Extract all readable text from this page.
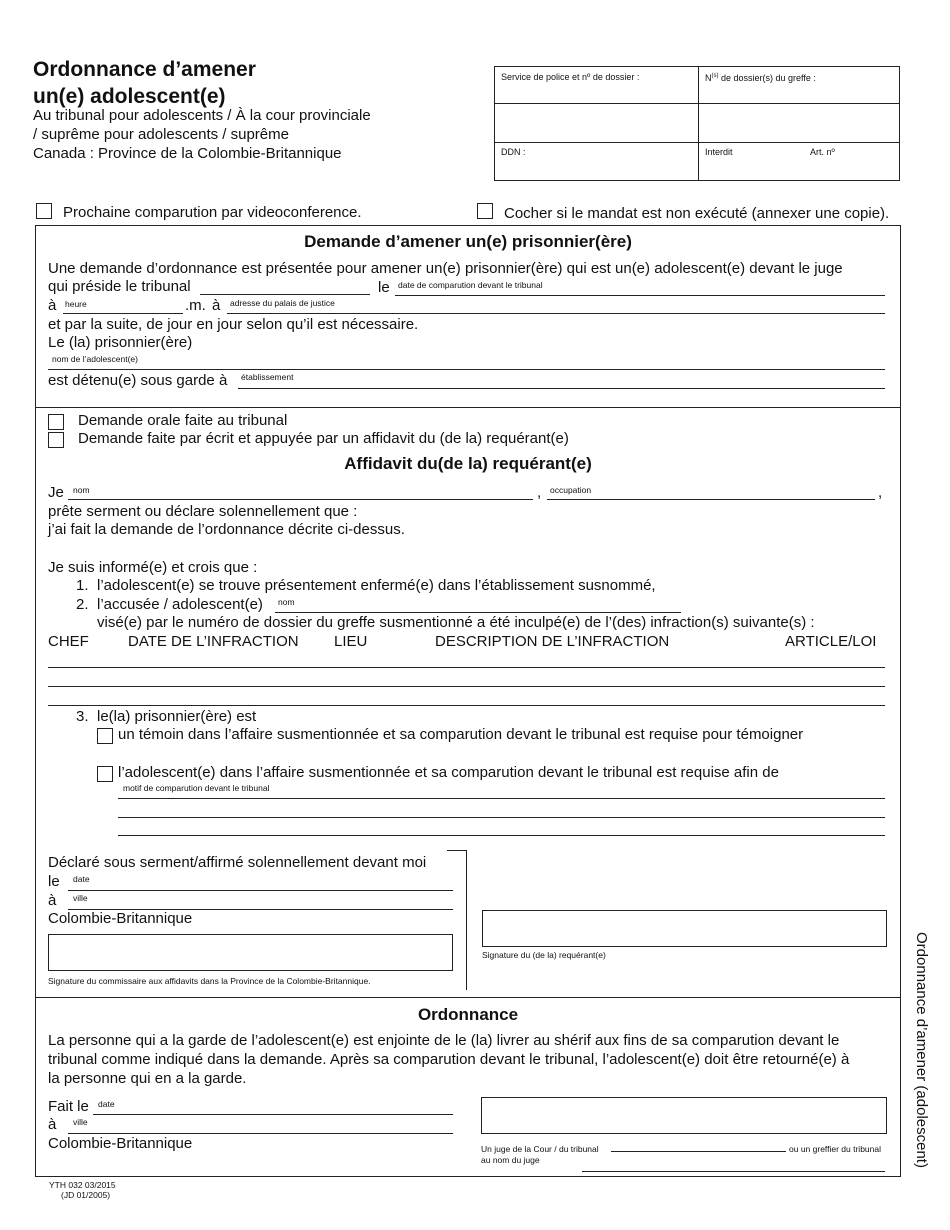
Ordonnance d’amener
un(e) adolescent(e)
Au tribunal pour adolescents / À la cour provinciale
/ suprême pour adolescents / suprême
Canada : Province de la Colombie-Britannique
Service de police et nº de dossier :	$N^{(s)}$ de dossier(s) du greffe :
DDN :	Interdit	Art. nº
Prochaine comparution par videoconference.	Cocher si le mandat est non exécuté (annexer une copie).
Demande d’amener un(e) prisonnier(ère)
Une demande d’ordonnance est présentée pour amener un(e) prisonnier(ère) qui est un(e) adolescent(e) devant le juge
qui préside le tribunal	le date de comparution devant le tribunal
à heure	.m. à adresse du palais de justice
et par la suite, de jour en jour selon qu’il est nécessaire.
Le (la) prisonnier(ère)
nom de l’adolescent(e)
est détenu(e) sous garde à établissement
Demande orale faite au tribunal
Demande faite par écrit et appuyée par un affidavit du (de la) requérant(e)
Affidavit du(de la) requérant(e)
Je nom	, occupation	,
prête serment ou déclare solennellement que :
j’ai fait la demande de l’ordonnance décrite ci-dessus.
Je suis informé(e) et crois que :
1. l’adolescent(e) se trouve présentement enfermé(e) dans l’établissement susnommé,
2. l’accusée / adolescent(e) nom
visé(e) par le numéro de dossier du greffe susmentionné a été inculpé(e) de l’(des) infraction(s) suivante(s) :
CHEF	DATE DE L’INFRACTION LIEU	DESCRIPTION DE L’INFRACTION	ARTICLE/LOI
3. le(la) prisonnier(ère) est
un témoin dans l’affaire susmentionnée et sa comparution devant le tribunal est requise pour témoigner
l’adolescent(e) dans l’affaire susmentionnée et sa comparution devant le tribunal est requise afin de
motif de comparution devant le tribunal
Déclaré sous serment/affirmé solennellement devant moi
le date
à ville
Colombie-Britannique
Signature du commissaire aux affidavits dans la Province de la Colombie-Britannique.
Signature du (de la) requérant(e)
Ordonnance
La personne qui a la garde de l’adolescent(e) est enjointe de le (la) livrer au shérif aux fins de sa comparution devant le
tribunal comme indiqué dans la demande. Après sa comparution devant le tribunal, l’adolescent(e) doit être retourné(e) à
la personne qui en a la garde.
Fait le date
à ville
Colombie-Britannique	Un juge de la Cour / du tribunal	ou un greffier du tribunal
au nom du juge	Ordonnance d’amener (adolescent)
YTH 032 03/2015
(JD 01/2005)
